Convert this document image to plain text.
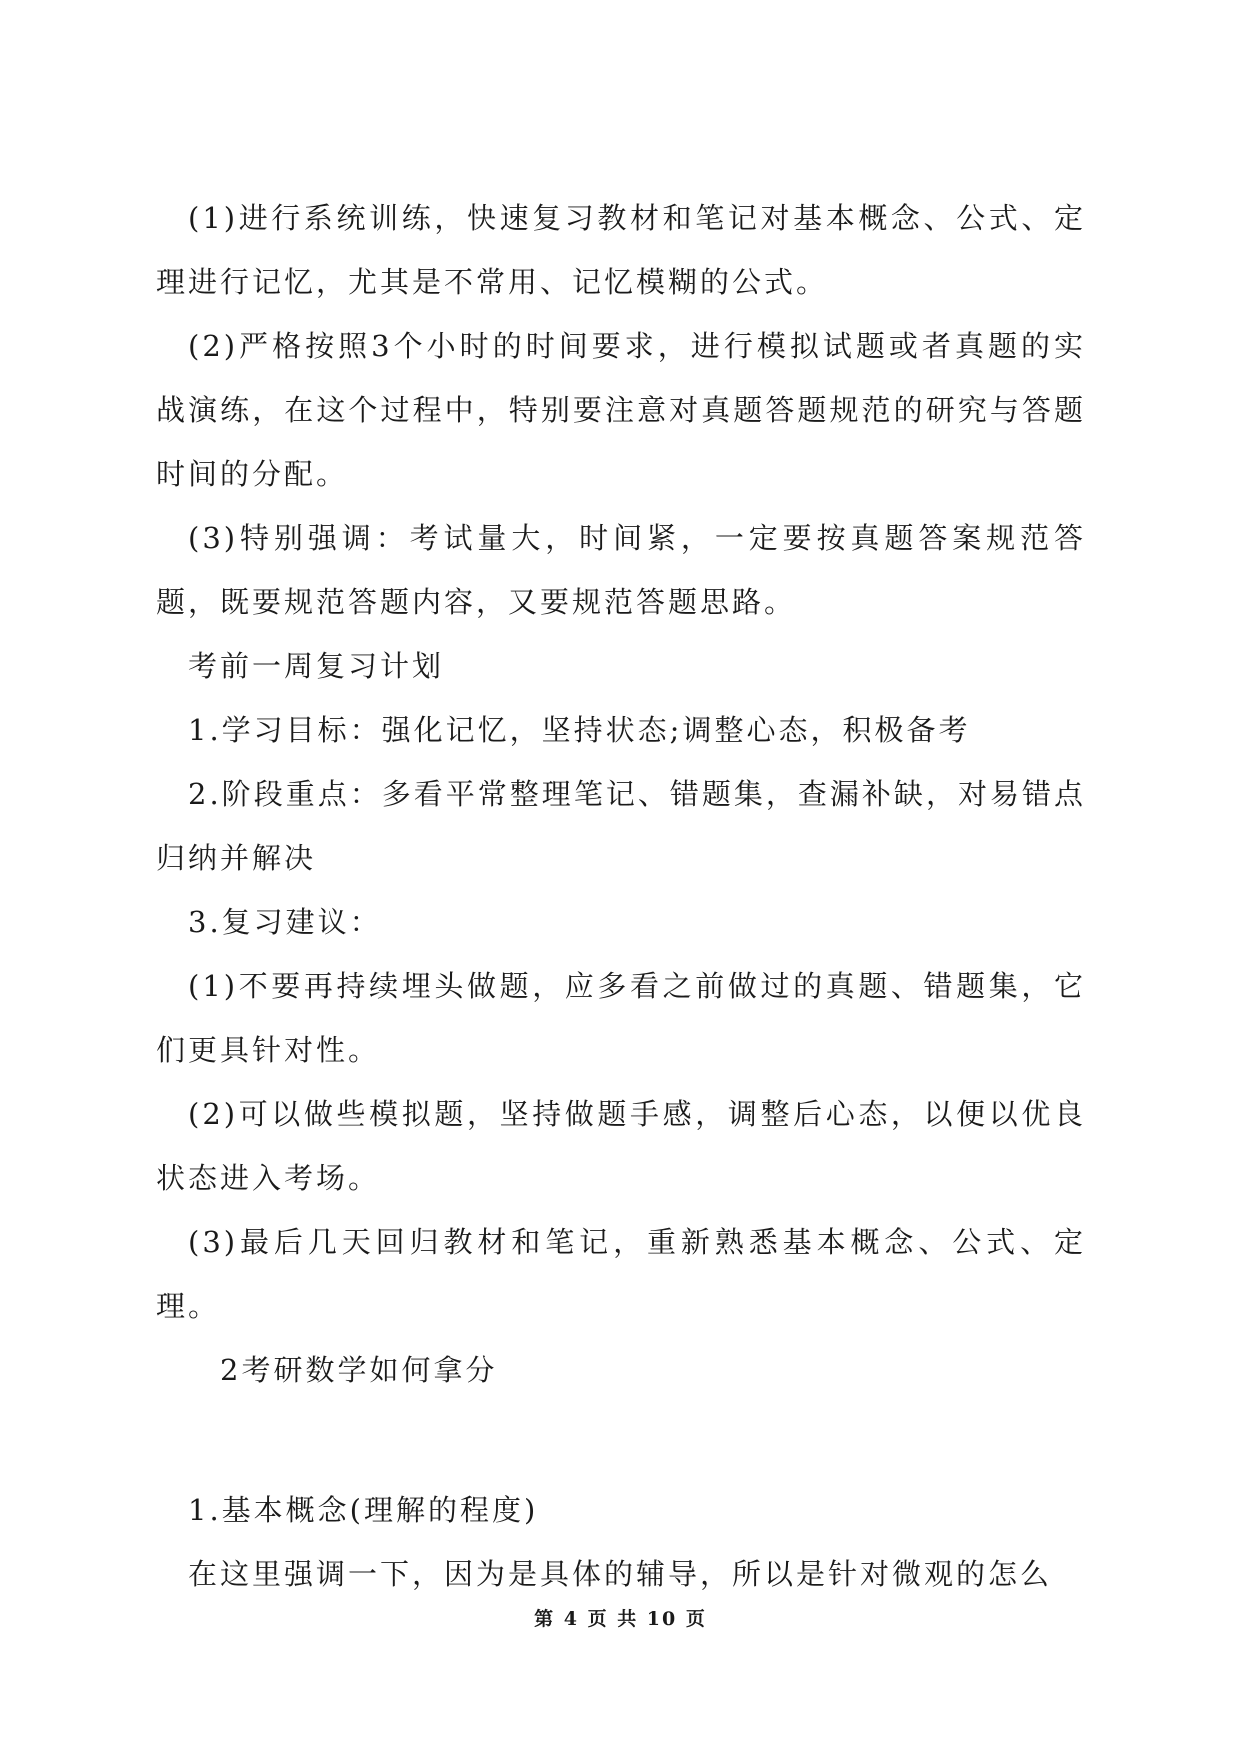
(1)进行系统训练，快速复习教材和笔记对基本概念、公式、定理进行记忆，尤其是不常用、记忆模糊的公式。

(2)严格按照3个小时的时间要求，进行模拟试题或者真题的实战演练，在这个过程中，特别要注意对真题答题规范的研究与答题时间的分配。

(3)特别强调：考试量大，时间紧，一定要按真题答案规范答题，既要规范答题内容，又要规范答题思路。

考前一周复习计划

1.学习目标：强化记忆，坚持状态;调整心态，积极备考

2.阶段重点：多看平常整理笔记、错题集，查漏补缺，对易错点归纳并解决

3.复习建议：

(1)不要再持续埋头做题，应多看之前做过的真题、错题集，它们更具针对性。

(2)可以做些模拟题，坚持做题手感，调整后心态，以便以优良状态进入考场。

(3)最后几天回归教材和笔记，重新熟悉基本概念、公式、定理。

2考研数学如何拿分

1.基本概念(理解的程度)

在这里强调一下，因为是具体的辅导，所以是针对微观的怎么

第 4 页 共 10 页
